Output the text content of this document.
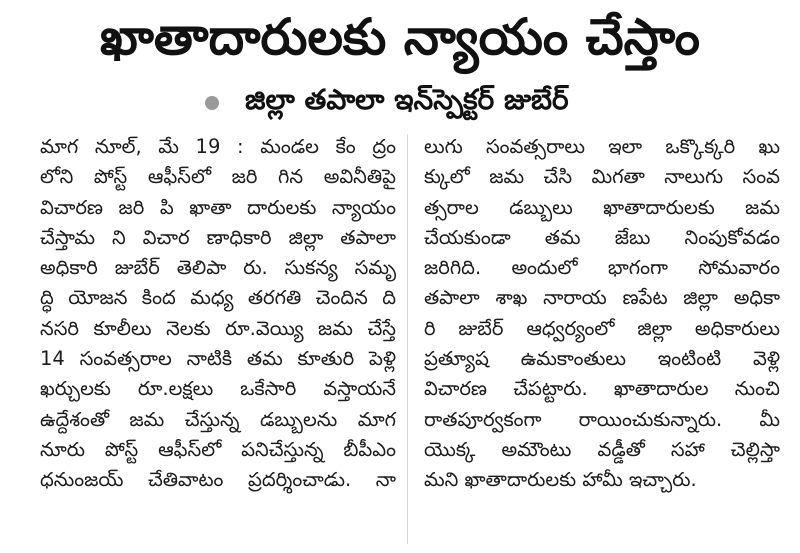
ఖాతాదారులకు న్యాయం చేస్తాం
జిల్లా తపాలా ఇన్‌స్పెక్టర్ జుబేర్
మాగ నూల్, మే 19 : మండల కేం ద్రం
లోని పోస్ట్ ఆఫీస్‌లో జరి గిన అవినీతిపై
విచారణ జరి పి ఖాతా దారులకు న్యాయం
చేస్తామ ని విచార ణాధికారి జిల్లా తపాలా
అధికారి జుబేర్ తెలిపా రు. సుకన్య సమృ
ద్ధి యోజన కింద మధ్య తరగతి చెందిన ది
నసరి కూలీలు నెలకు రూ.వెయ్యి జమ చేస్తే
14 సంవత్సరాల నాటికి తమ కూతురి పెళ్లి
ఖర్చులకు రూ.లక్షలు ఒకేసారి వస్తాయనే
ఉద్దేశంతో జమ చేస్తున్న డబ్బులను మాగ
నూరు పోస్ట్ ఆఫీస్‌లో పనిచేస్తున్న బీపీఎం
ధనుంజయ్ చేతివాటం ప్రదర్శించాడు. నా
లుగు సంవత్సరాలు ఇలా ఒక్కొక్కరి ఖు
క్కులో జమ చేసి మిగతా నాలుగు సంవ
త్సరాల డబ్బులు ఖాతాదారులకు జమ
చేయకుండా తమ జేబు నింపుకోవడం
జరిగిది. అందులో భాగంగా సోమవారం
తపాలా శాఖ నారాయ ణపేట జిల్లా అధికా
రి జుబేర్ ఆధ్వర్యంలో జిల్లా అధికారులు
ప్రత్యూష ఉమకాంతులు ఇంటింటి వెళ్లి
విచారణ చేపట్టారు. ఖాతాదారుల నుంచి
రాతపూర్వకంగా రాయించుకున్నారు. మీ
యొక్క అమౌంటు వడ్డీతో సహా చెల్లిస్తా
మని ఖాతాదారులకు హామీ ఇచ్చారు.
